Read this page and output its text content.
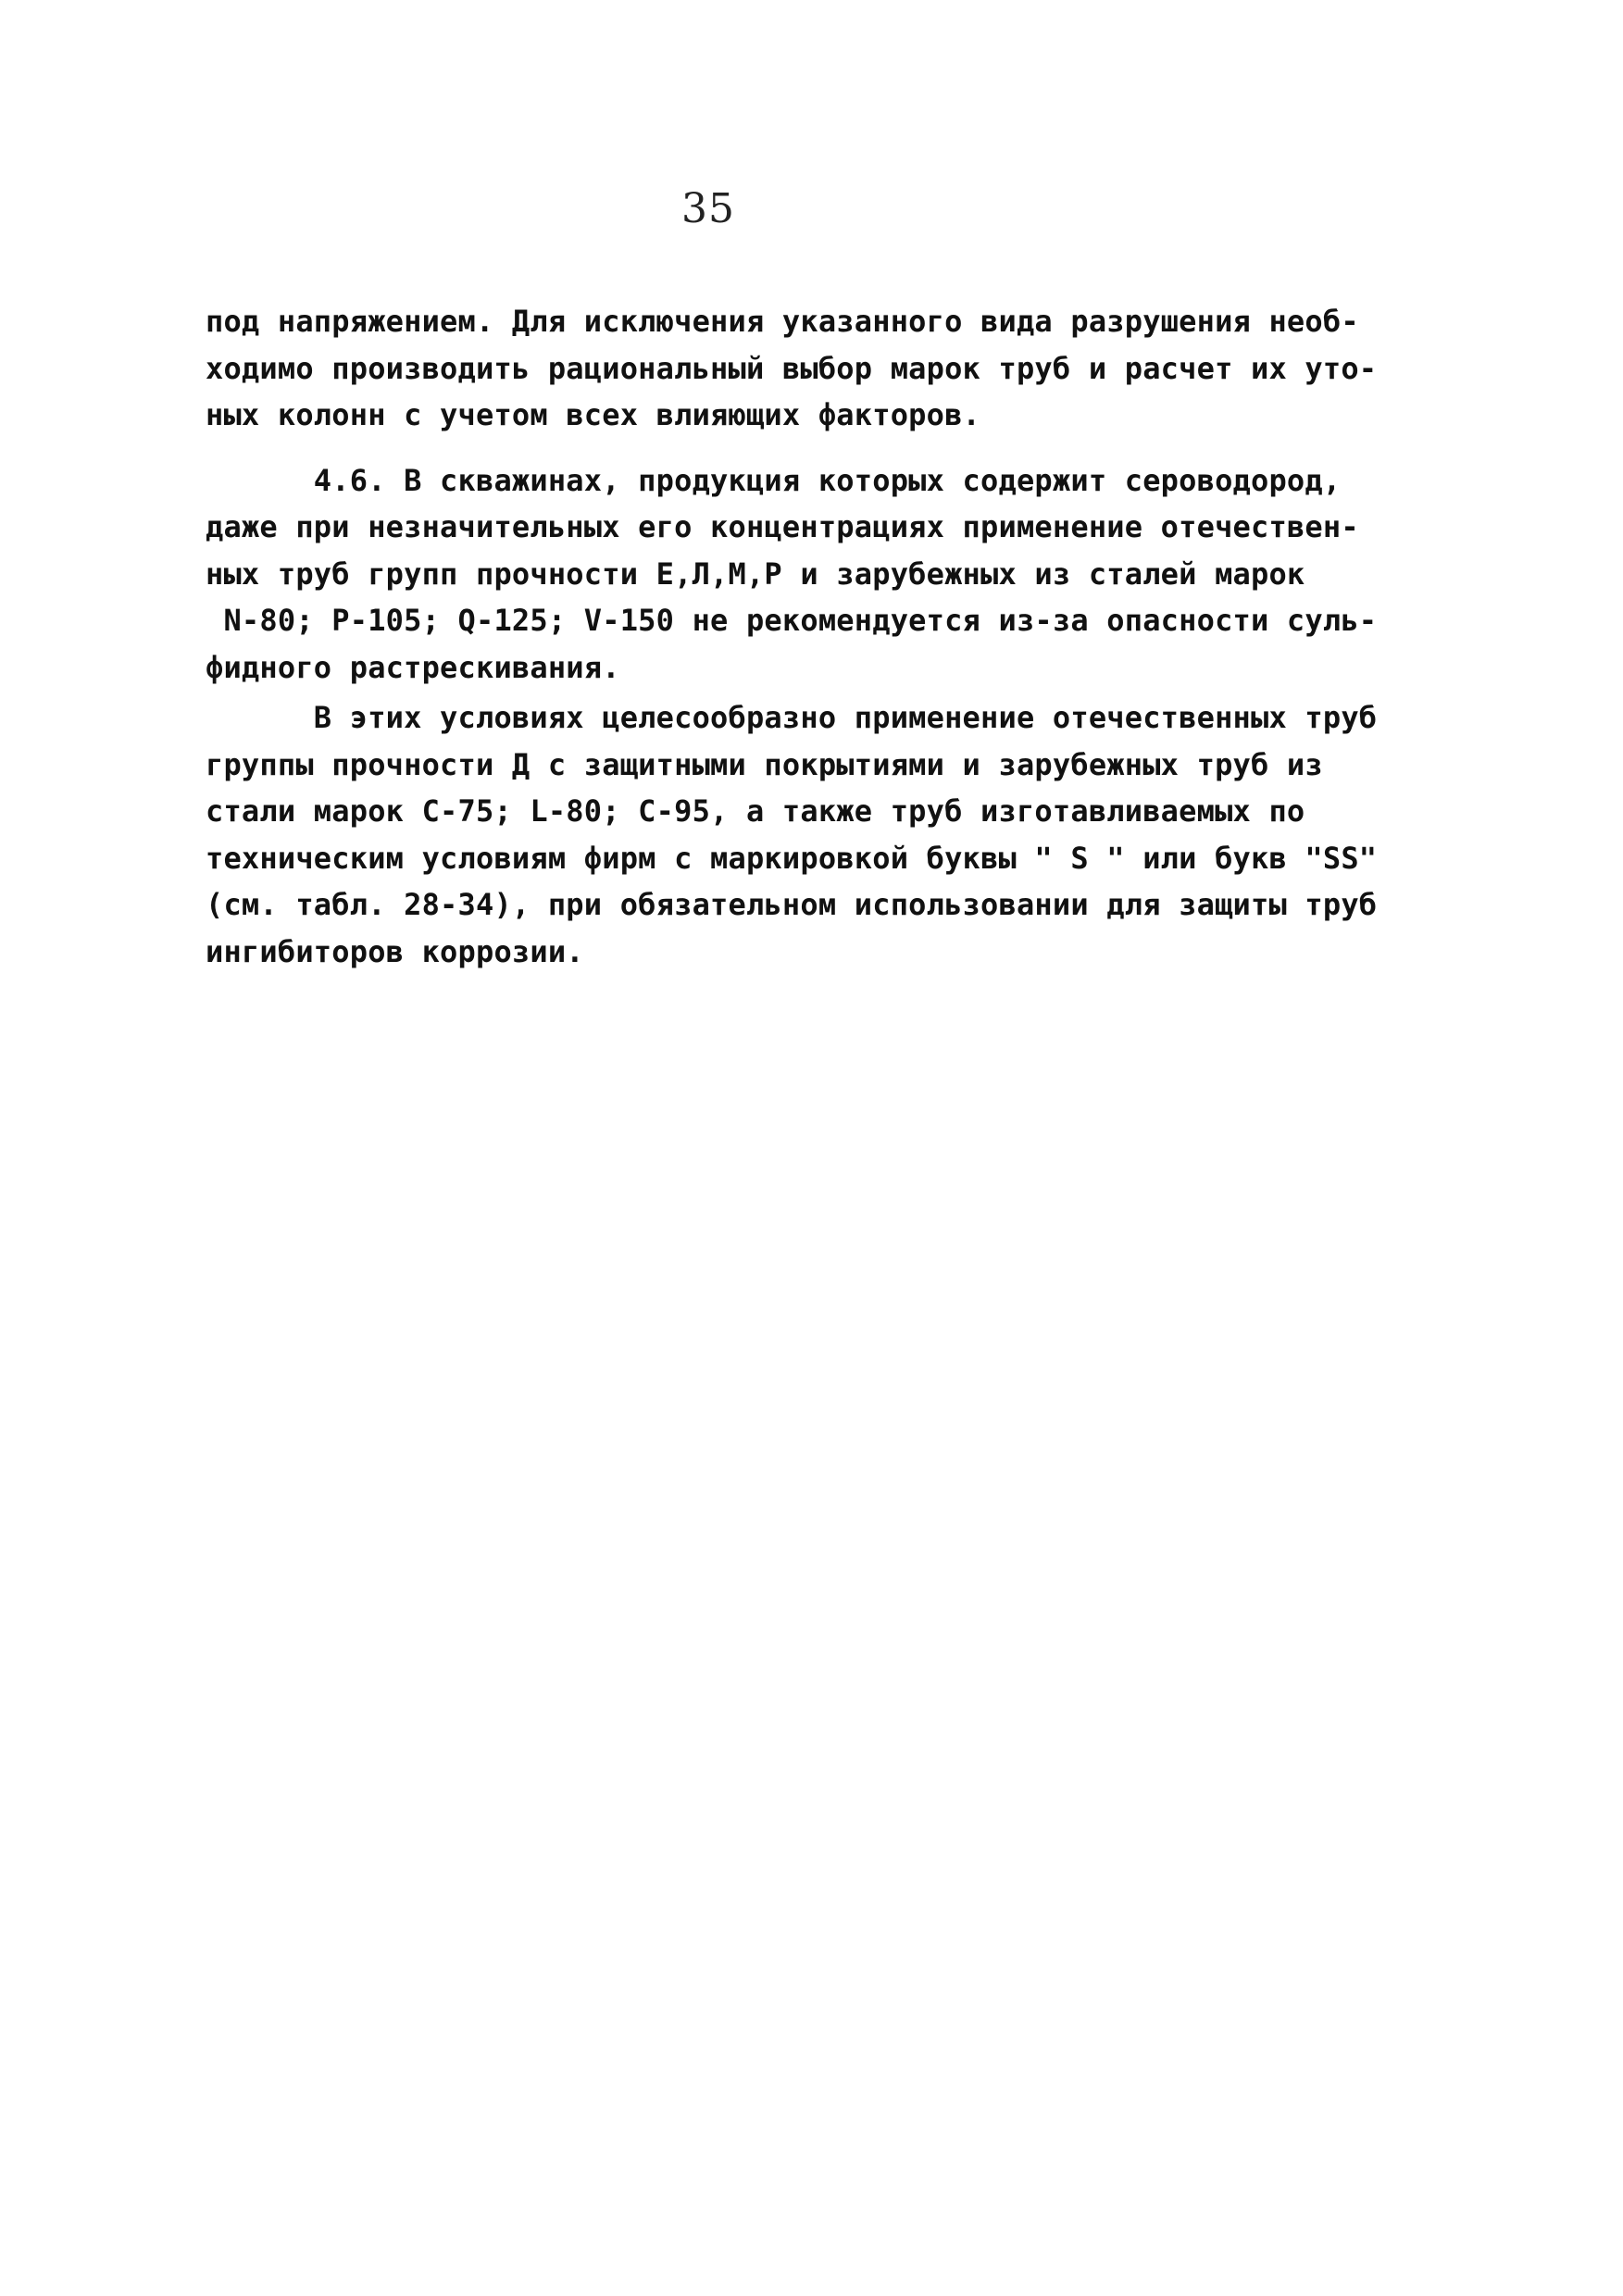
35
под напряжением. Для исключения указанного вида разрушения необ-
ходимо производить рациональный выбор марок труб и расчет их уто-
ных колонн с учетом всех влияющих факторов.
4.6. В скважинах, продукция которых содержит сероводород,
даже при незначительных его концентрациях применение отечествен-
ных труб групп прочности Е,Л,М,Р и зарубежных из сталей марок
N-80; Р-105; Q-125; V-150 не рекомендуется из-за опасности суль-
фидного растрескивания.
В этих условиях целесообразно применение отечественных труб
группы прочности Д с защитными покрытиями и зарубежных труб из
стали марок С-75; L-80; С-95, а также труб изготавливаемых по
техническим условиям фирм с маркировкой буквы " S " или букв "SS"
(см. табл. 28-34), при обязательном использовании для защиты труб
ингибиторов коррозии.
